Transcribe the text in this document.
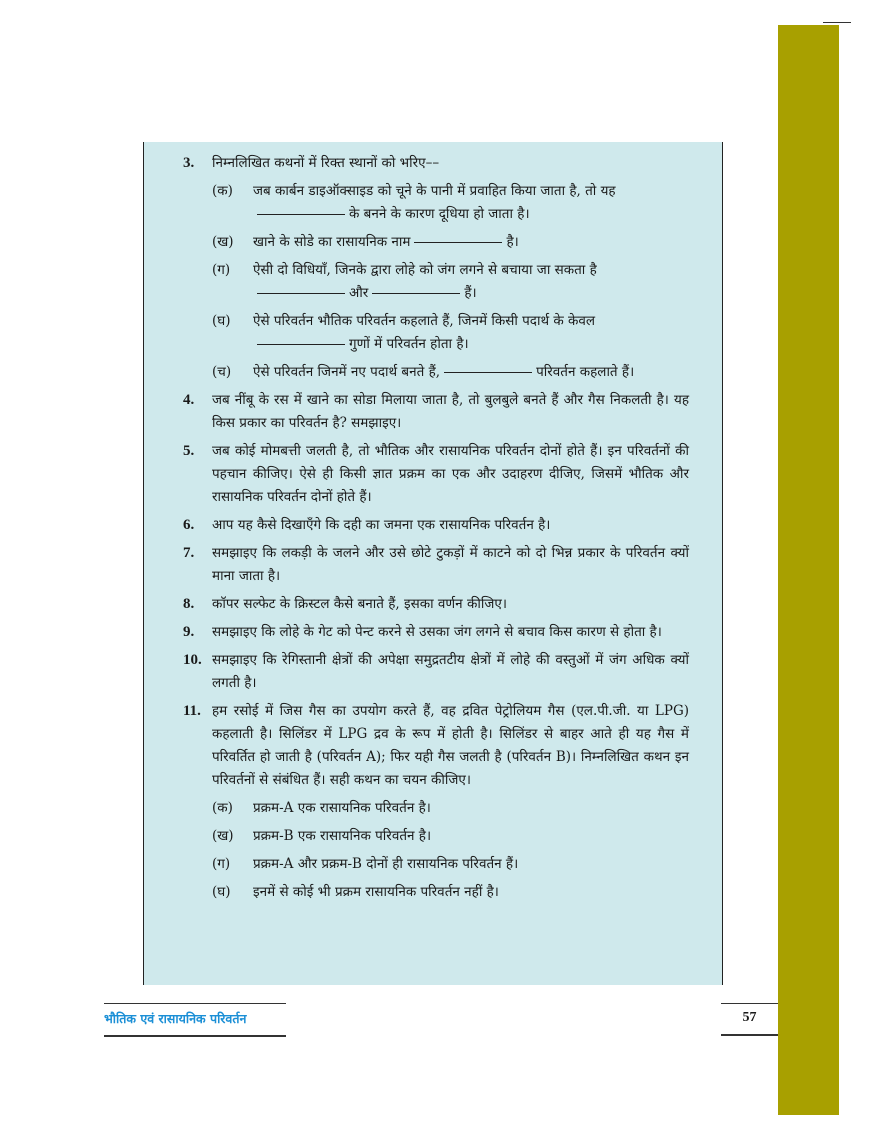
3. निम्नलिखित कथनों में रिक्त स्थानों को भरिए––
(क) जब कार्बन डाइऑक्साइड को चूने के पानी में प्रवाहित किया जाता है, तो यह
के बनने के कारण दूधिया हो जाता है।
(ख) खाने के सोडे का रासायनिक नाम	है।
(ग) ऐसी दो विधियाँ, जिनके द्वारा लोहे को जंग लगने से बचाया जा सकता है
और	हैं।
(घ) ऐसे परिवर्तन भौतिक परिवर्तन कहलाते हैं, जिनमें किसी पदार्थ के केवल
गुणों में परिवर्तन होता है।
(च) ऐसे परिवर्तन जिनमें नए पदार्थ बनते हैं,	परिवर्तन कहलाते हैं।
4. जब नींबू के रस में खाने का सोडा मिलाया जाता है, तो बुलबुले बनते हैं और गैस निकलती है। यह किस प्रकार का परिवर्तन है? समझाइए।
5. जब कोई मोमबत्ती जलती है, तो भौतिक और रासायनिक परिवर्तन दोनों होते हैं। इन परिवर्तनों की पहचान कीजिए। ऐसे ही किसी ज्ञात प्रक्रम का एक और उदाहरण दीजिए, जिसमें भौतिक और रासायनिक परिवर्तन दोनों होते हैं।
6. आप यह कैसे दिखाएँगे कि दही का जमना एक रासायनिक परिवर्तन है।
7. समझाइए कि लकड़ी के जलने और उसे छोटे टुकड़ों में काटने को दो भिन्न प्रकार के परिवर्तन क्यों माना जाता है।
8. कॉपर सल्फेट के क्रिस्टल कैसे बनाते हैं, इसका वर्णन कीजिए।
9. समझाइए कि लोहे के गेट को पेन्ट करने से उसका जंग लगने से बचाव किस कारण से होता है।
10. समझाइए कि रेगिस्तानी क्षेत्रों की अपेक्षा समुद्रतटीय क्षेत्रों में लोहे की वस्तुओं में जंग अधिक क्यों लगती है।
11. हम रसोई में जिस गैस का उपयोग करते हैं, वह द्रवित पेट्रोलियम गैस (एल.पी.जी. या LPG) कहलाती है। सिलिंडर में LPG द्रव के रूप में होती है। सिलिंडर से बाहर आते ही यह गैस में परिवर्तित हो जाती है (परिवर्तन A); फिर यही गैस जलती है (परिवर्तन B)। निम्नलिखित कथन इन परिवर्तनों से संबंधित हैं। सही कथन का चयन कीजिए।
(क) प्रक्रम-A एक रासायनिक परिवर्तन है।
(ख) प्रक्रम-B एक रासायनिक परिवर्तन है।
(ग) प्रक्रम-A और प्रक्रम-B दोनों ही रासायनिक परिवर्तन हैं।
(घ) इनमें से कोई भी प्रक्रम रासायनिक परिवर्तन नहीं है।
भौतिक एवं रासायनिक परिवर्तन	57
